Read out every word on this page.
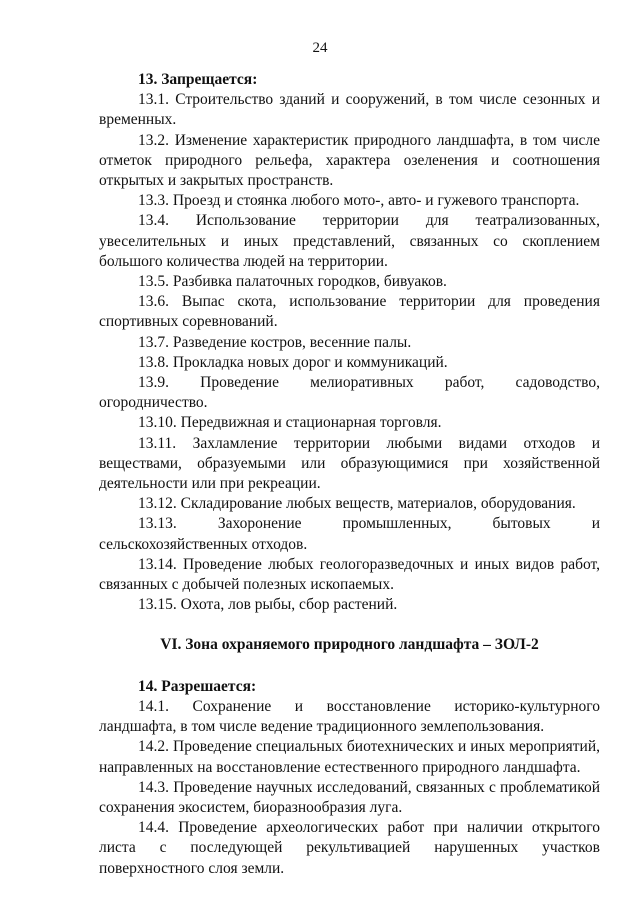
24

13. Запрещается:

13.1. Строительство зданий и сооружений, в том числе сезонных и временных.

13.2. Изменение характеристик природного ландшафта, в том числе отметок природного рельефа, характера озеленения и соотношения открытых и закрытых пространств.

13.3. Проезд и стоянка любого мото-, авто- и гужевого транспорта.

13.4. Использование территории для театрализованных, увеселительных и иных представлений, связанных со скоплением большого количества людей на территории.

13.5. Разбивка палаточных городков, бивуаков.

13.6. Выпас скота, использование территории для проведения спортивных соревнований.

13.7. Разведение костров, весенние палы.

13.8. Прокладка новых дорог и коммуникаций.

13.9. Проведение мелиоративных работ, садоводство, огородничество.

13.10. Передвижная и стационарная торговля.

13.11. Захламление территории любыми видами отходов и веществами, образуемыми или образующимися при хозяйственной деятельности или при рекреации.

13.12. Складирование любых веществ, материалов, оборудования.

13.13. Захоронение промышленных, бытовых и сельскохозяйственных отходов.

13.14. Проведение любых геологоразведочных и иных видов работ, связанных с добычей полезных ископаемых.

13.15. Охота, лов рыбы, сбор растений.

VI. Зона охраняемого природного ландшафта – ЗОЛ-2

14. Разрешается:

14.1. Сохранение и восстановление историко-культурного ландшафта, в том числе ведение традиционного землепользования.

14.2. Проведение специальных биотехнических и иных мероприятий, направленных на восстановление естественного природного ландшафта.

14.3. Проведение научных исследований, связанных с проблематикой сохранения экосистем, биоразнообразия луга.

14.4. Проведение археологических работ при наличии открытого листа с последующей рекультивацией нарушенных участков поверхностного слоя земли.
